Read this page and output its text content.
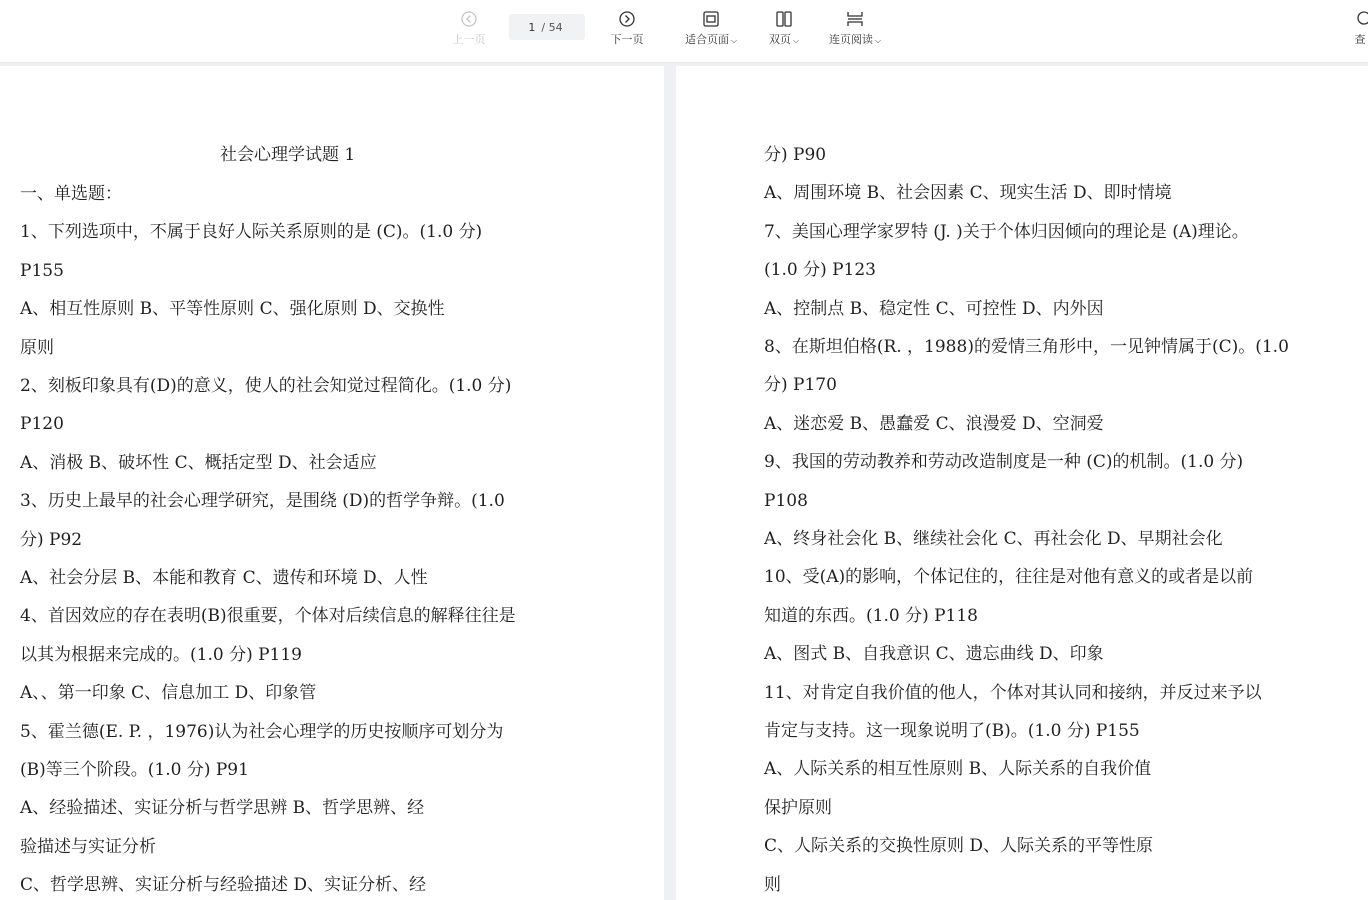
上一页
1 / 54
下一页	适合页面 ⌵	双页 ⌵	连页阅读 ⌵	查
社会心理学试题 1
一、单选题：
1、下列选项中，不属于良好人际关系原则的是 (C)。(1.0 分)
P155
A、相互性原则 B、平等性原则 C、强化原则 D、交换性
原则
2、刻板印象具有(D)的意义，使人的社会知觉过程简化。(1.0 分)
P120
A、消极 B、破坏性 C、概括定型 D、社会适应
3、历史上最早的社会心理学研究，是围绕 (D)的哲学争辩。(1.0
分) P92
A、社会分层 B、本能和教育 C、遗传和环境 D、人性
4、首因效应的存在表明(B)很重要，个体对后续信息的解释往往是
以其为根据来完成的。(1.0 分) P119
A、、第一印象 C、信息加工 D、印象管
5、霍兰德(E. P. ，1976)认为社会心理学的历史按顺序可划分为
(B)等三个阶段。(1.0 分) P91
A、经验描述、实证分析与哲学思辨 B、哲学思辨、经
验描述与实证分析
C、哲学思辨、实证分析与经验描述 D、实证分析、经
分) P90
A、周围环境 B、社会因素 C、现实生活 D、即时情境
7、美国心理学家罗特 (J. )关于个体归因倾向的理论是 (A)理论。
(1.0 分) P123
A、控制点 B、稳定性 C、可控性 D、内外因
8、在斯坦伯格(R. ，1988)的爱情三角形中，一见钟情属于(C)。(1.0
分) P170
A、迷恋爱 B、愚蠢爱 C、浪漫爱 D、空洞爱
9、我国的劳动教养和劳动改造制度是一种 (C)的机制。(1.0 分)
P108
A、终身社会化 B、继续社会化 C、再社会化 D、早期社会化
10、受(A)的影响，个体记住的，往往是对他有意义的或者是以前
知道的东西。(1.0 分) P118
A、图式 B、自我意识 C、遗忘曲线 D、印象
11、对肯定自我价值的他人，个体对其认同和接纳，并反过来予以
肯定与支持。这一现象说明了(B)。(1.0 分) P155
A、人际关系的相互性原则 B、人际关系的自我价值
保护原则
C、人际关系的交换性原则 D、人际关系的平等性原
则
